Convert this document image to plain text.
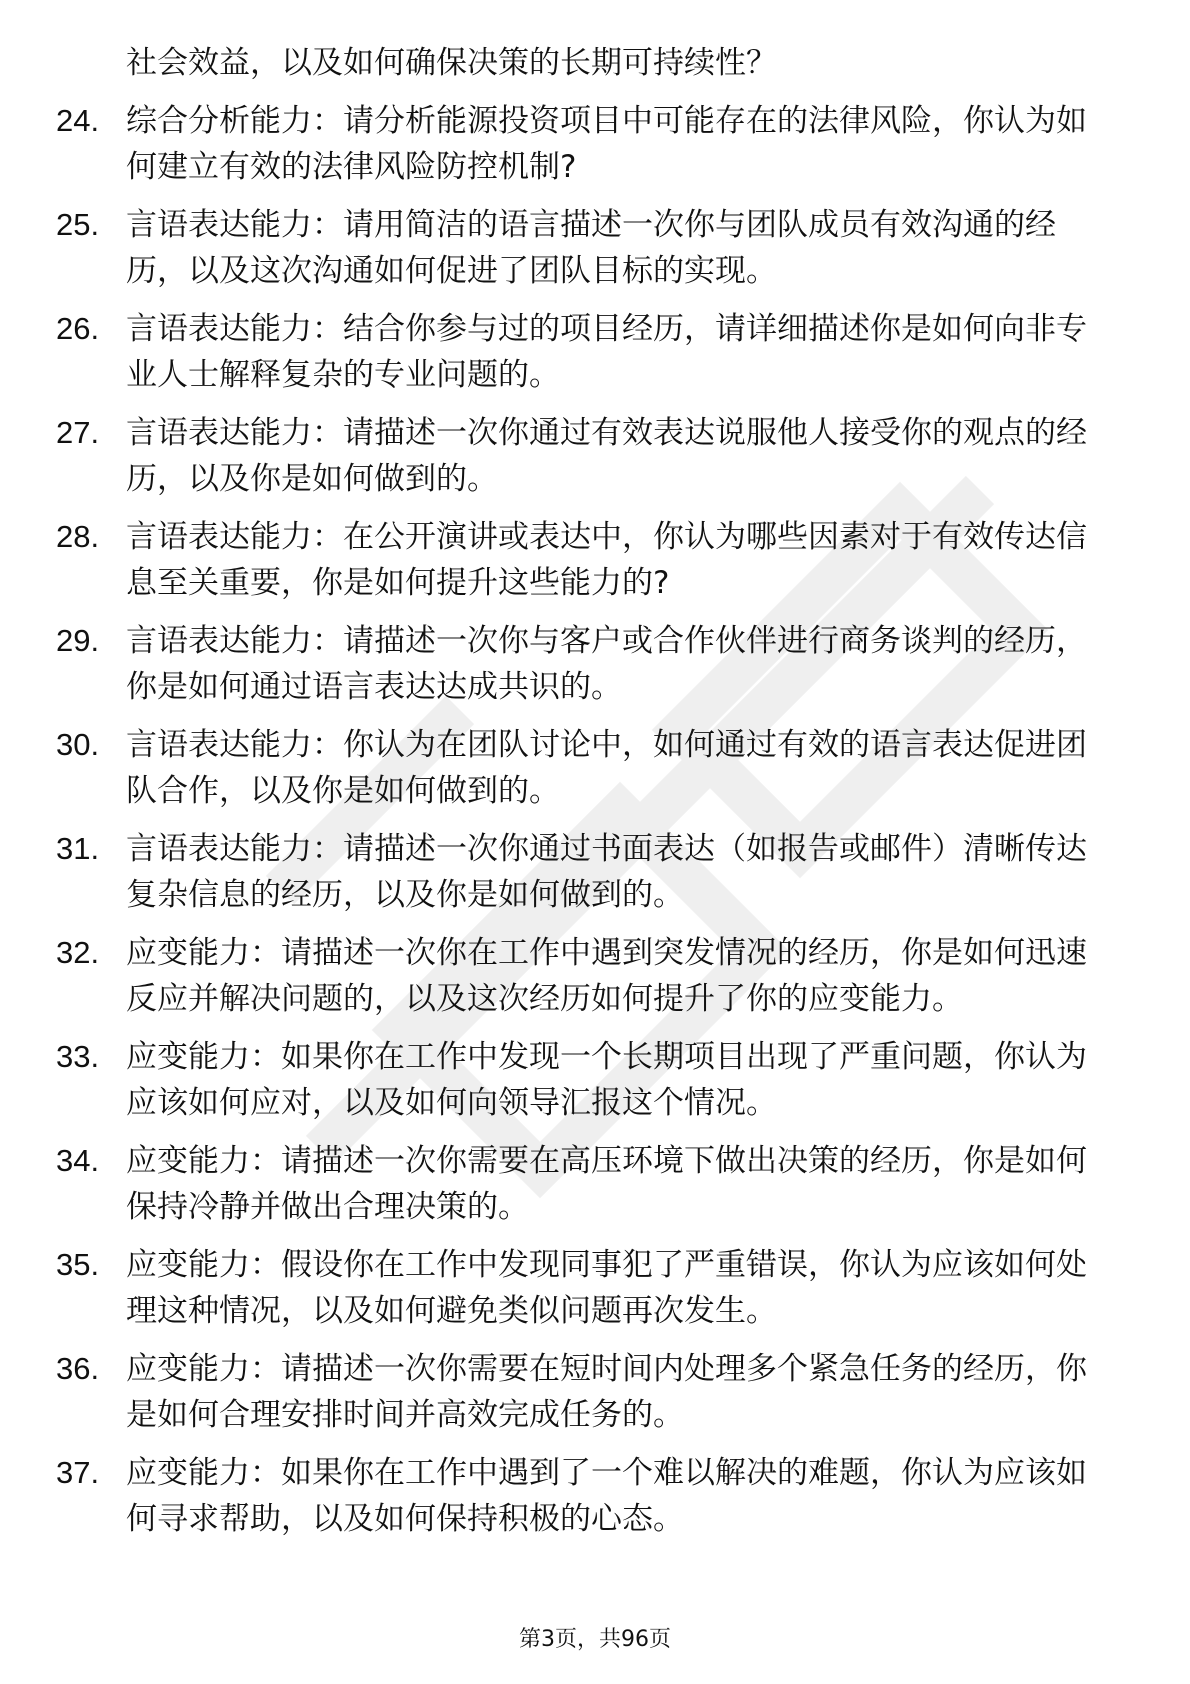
社会效益，以及如何确保决策的长期可持续性？
24. 综合分析能力：请分析能源投资项目中可能存在的法律风险，你认为如何建立有效的法律风险防控机制?
25. 言语表达能力：请用简洁的语言描述一次你与团队成员有效沟通的经历，以及这次沟通如何促进了团队目标的实现。
26. 言语表达能力：结合你参与过的项目经历，请详细描述你是如何向非专业人士解释复杂的专业问题的。
27. 言语表达能力：请描述一次你通过有效表达说服他人接受你的观点的经历，以及你是如何做到的。
28. 言语表达能力：在公开演讲或表达中，你认为哪些因素对于有效传达信息至关重要，你是如何提升这些能力的?
29. 言语表达能力：请描述一次你与客户或合作伙伴进行商务谈判的经历，你是如何通过语言表达达成共识的。
30. 言语表达能力：你认为在团队讨论中，如何通过有效的语言表达促进团队合作，以及你是如何做到的。
31. 言语表达能力：请描述一次你通过书面表达（如报告或邮件）清晰传达复杂信息的经历，以及你是如何做到的。
32. 应变能力：请描述一次你在工作中遇到突发情况的经历，你是如何迅速反应并解决问题的，以及这次经历如何提升了你的应变能力。
33. 应变能力：如果你在工作中发现一个长期项目出现了严重问题，你认为应该如何应对，以及如何向领导汇报这个情况。
34. 应变能力：请描述一次你需要在高压环境下做出决策的经历，你是如何保持冷静并做出合理决策的。
35. 应变能力：假设你在工作中发现同事犯了严重错误，你认为应该如何处理这种情况，以及如何避免类似问题再次发生。
36. 应变能力：请描述一次你需要在短时间内处理多个紧急任务的经历，你是如何合理安排时间并高效完成任务的。
37. 应变能力：如果你在工作中遇到了一个难以解决的难题，你认为应该如何寻求帮助，以及如何保持积极的心态。
第3页，共96页
